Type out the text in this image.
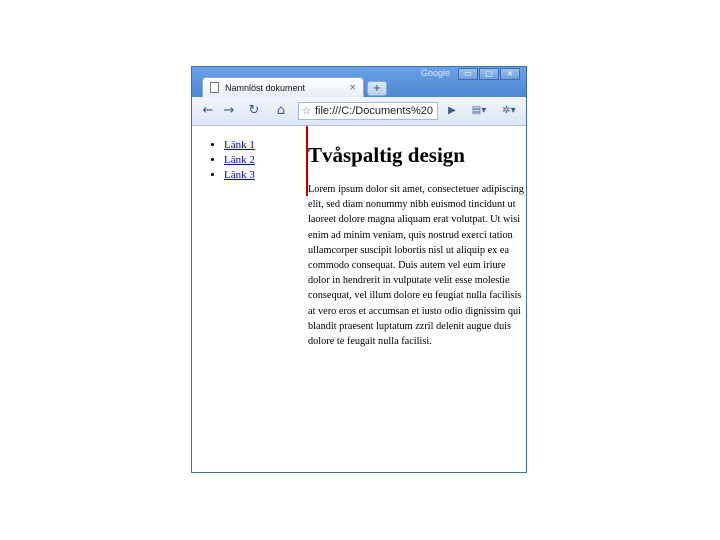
Namnlöst dokument	×	+
Google	▭	▢	⨯
← →	↻	⌂	☆ file:///C:/Documents%20	▶	▤▾	✲▾
• Länk 1
• Länk 2
• Länk 3
Tvåspaltig design

Lorem ipsum dolor sit amet, consectetuer adipiscing elit, sed diam nonummy nibh euismod tincidunt ut laoreet dolore magna aliquam erat volutpat. Ut wisi enim ad minim veniam, quis nostrud exerci tation ullamcorper suscipit lobortis nisl ut aliquip ex ea commodo consequat. Duis autem vel eum iriure dolor in hendrerit in vulputate velit esse molestie consequat, vel illum dolore eu feugiat nulla facilisis at vero eros et accumsan et iusto odio dignissim qui blandit praesent luptatum zzril delenit augue duis dolore te feugait nulla facilisi.
